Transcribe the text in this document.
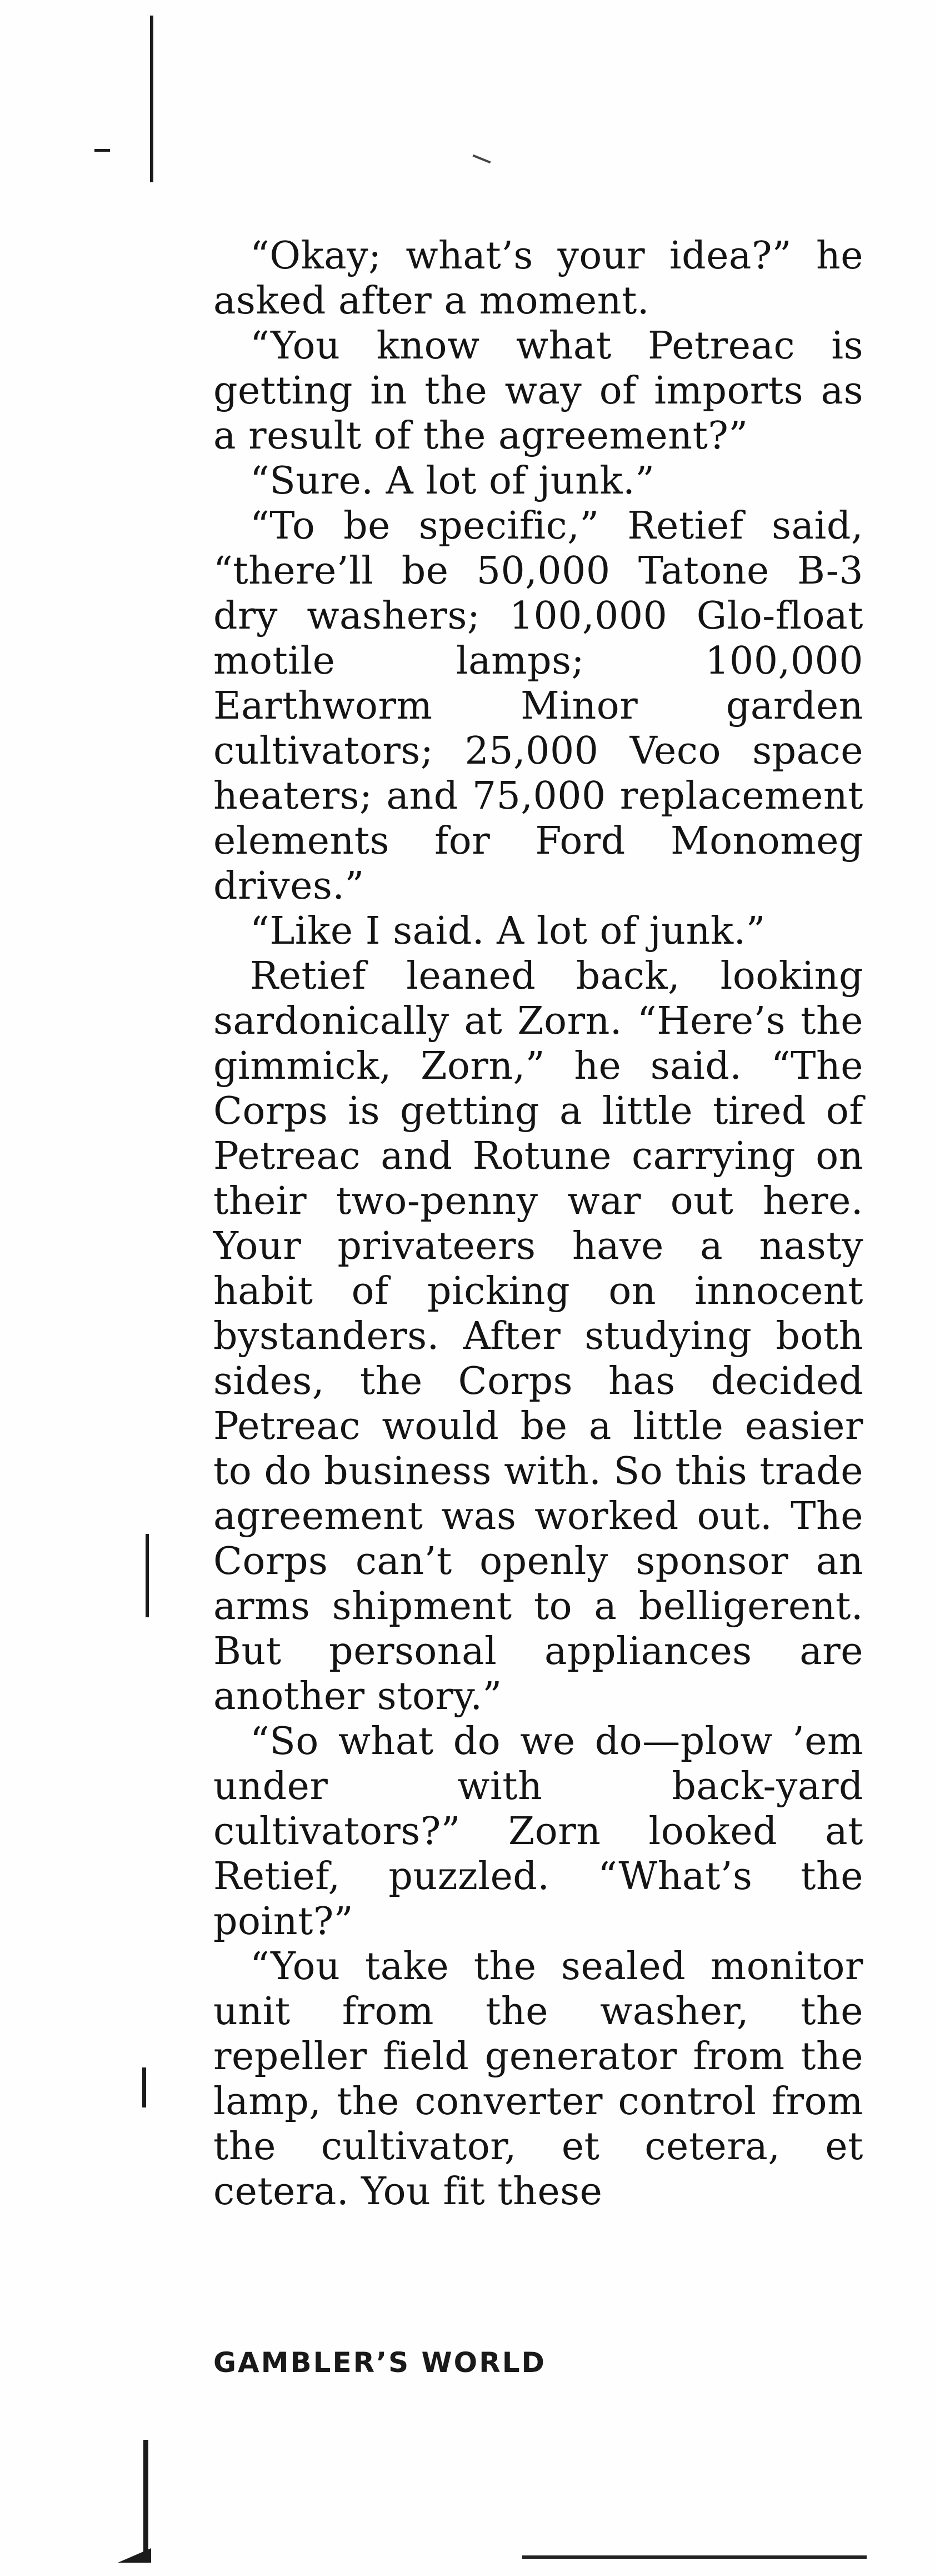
“Okay; what’s your idea?” he asked after a moment.

“You know what Petreac is getting in the way of imports as a result of the agreement?”

“Sure. A lot of junk.”

“To be specific,” Retief said, “there’ll be 50,000 Tatone B-3 dry washers; 100,000 Glo-float motile lamps; 100,000 Earthworm Minor garden cultivators; 25,000 Veco space heaters; and 75,000 replacement elements for Ford Monomeg drives.”

“Like I said. A lot of junk.”

Retief leaned back, looking sardonically at Zorn. “Here’s the gimmick, Zorn,” he said. “The Corps is getting a little tired of Petreac and Rotune carrying on their two-penny war out here. Your privateers have a nasty habit of picking on innocent bystanders. After studying both sides, the Corps has decided Petreac would be a little easier to do business with. So this trade agreement was worked out. The Corps can’t openly sponsor an arms shipment to a belligerent. But personal appliances are another story.”

“So what do we do—plow ’em under with back-yard cultivators?” Zorn looked at Retief, puzzled. “What’s the point?”

“You take the sealed monitor unit from the washer, the repeller field generator from the lamp, the converter control from the cultivator, et cetera, et cetera. You fit these

GAMBLER’S WORLD
